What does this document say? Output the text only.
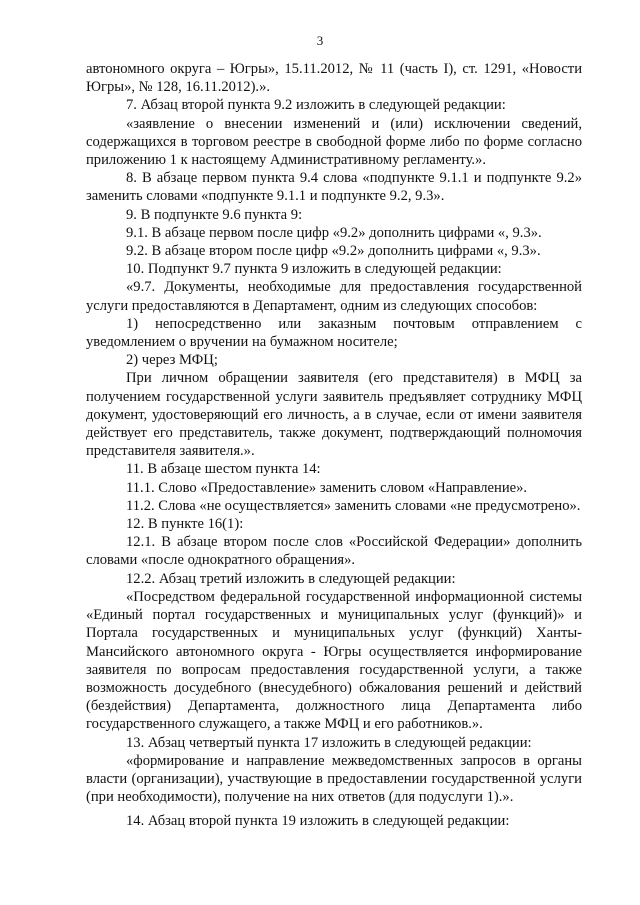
3

автономного округа – Югры», 15.11.2012, № 11 (часть I), ст. 1291, «Новости Югры», № 128, 16.11.2012).».

7. Абзац второй пункта 9.2 изложить в следующей редакции:

«заявление о внесении изменений и (или) исключении сведений, содержащихся в торговом реестре в свободной форме либо по форме согласно приложению 1 к настоящему Административному регламенту.».

8. В абзаце первом пункта 9.4 слова «подпункте 9.1.1 и подпункте 9.2» заменить словами «подпункте 9.1.1 и подпункте 9.2, 9.3».

9. В подпункте 9.6 пункта 9:

9.1. В абзаце первом после цифр «9.2» дополнить цифрами «, 9.3».

9.2. В абзаце втором после цифр «9.2» дополнить цифрами «, 9.3».

10. Подпункт 9.7 пункта 9 изложить в следующей редакции:

«9.7. Документы, необходимые для предоставления государственной услуги предоставляются в Департамент, одним из следующих способов:

1) непосредственно или заказным почтовым отправлением с уведомлением о вручении на бумажном носителе;

2) через МФЦ;

При личном обращении заявителя (его представителя) в МФЦ за получением государственной услуги заявитель предъявляет сотруднику МФЦ документ, удостоверяющий его личность, а в случае, если от имени заявителя действует его представитель, также документ, подтверждающий полномочия представителя заявителя.».

11. В абзаце шестом пункта 14:

11.1. Слово «Предоставление» заменить словом «Направление».

11.2. Слова «не осуществляется» заменить словами «не предусмотрено».

12. В пункте 16(1):

12.1. В абзаце втором после слов «Российской Федерации» дополнить словами «после однократного обращения».

12.2. Абзац третий изложить в следующей редакции:

«Посредством федеральной государственной информационной системы «Единый портал государственных и муниципальных услуг (функций)» и Портала государственных и муниципальных услуг (функций) Ханты-Мансийского автономного округа - Югры осуществляется информирование заявителя по вопросам предоставления государственной услуги, а также возможность досудебного (внесудебного) обжалования решений и действий (бездействия) Департамента, должностного лица Департамента либо государственного служащего, а также МФЦ и его работников.».

13. Абзац четвертый пункта 17 изложить в следующей редакции:

«формирование и направление межведомственных запросов в органы власти (организации), участвующие в предоставлении государственной услуги (при необходимости), получение на них ответов (для подуслуги 1).».

14. Абзац второй пункта 19 изложить в следующей редакции:
